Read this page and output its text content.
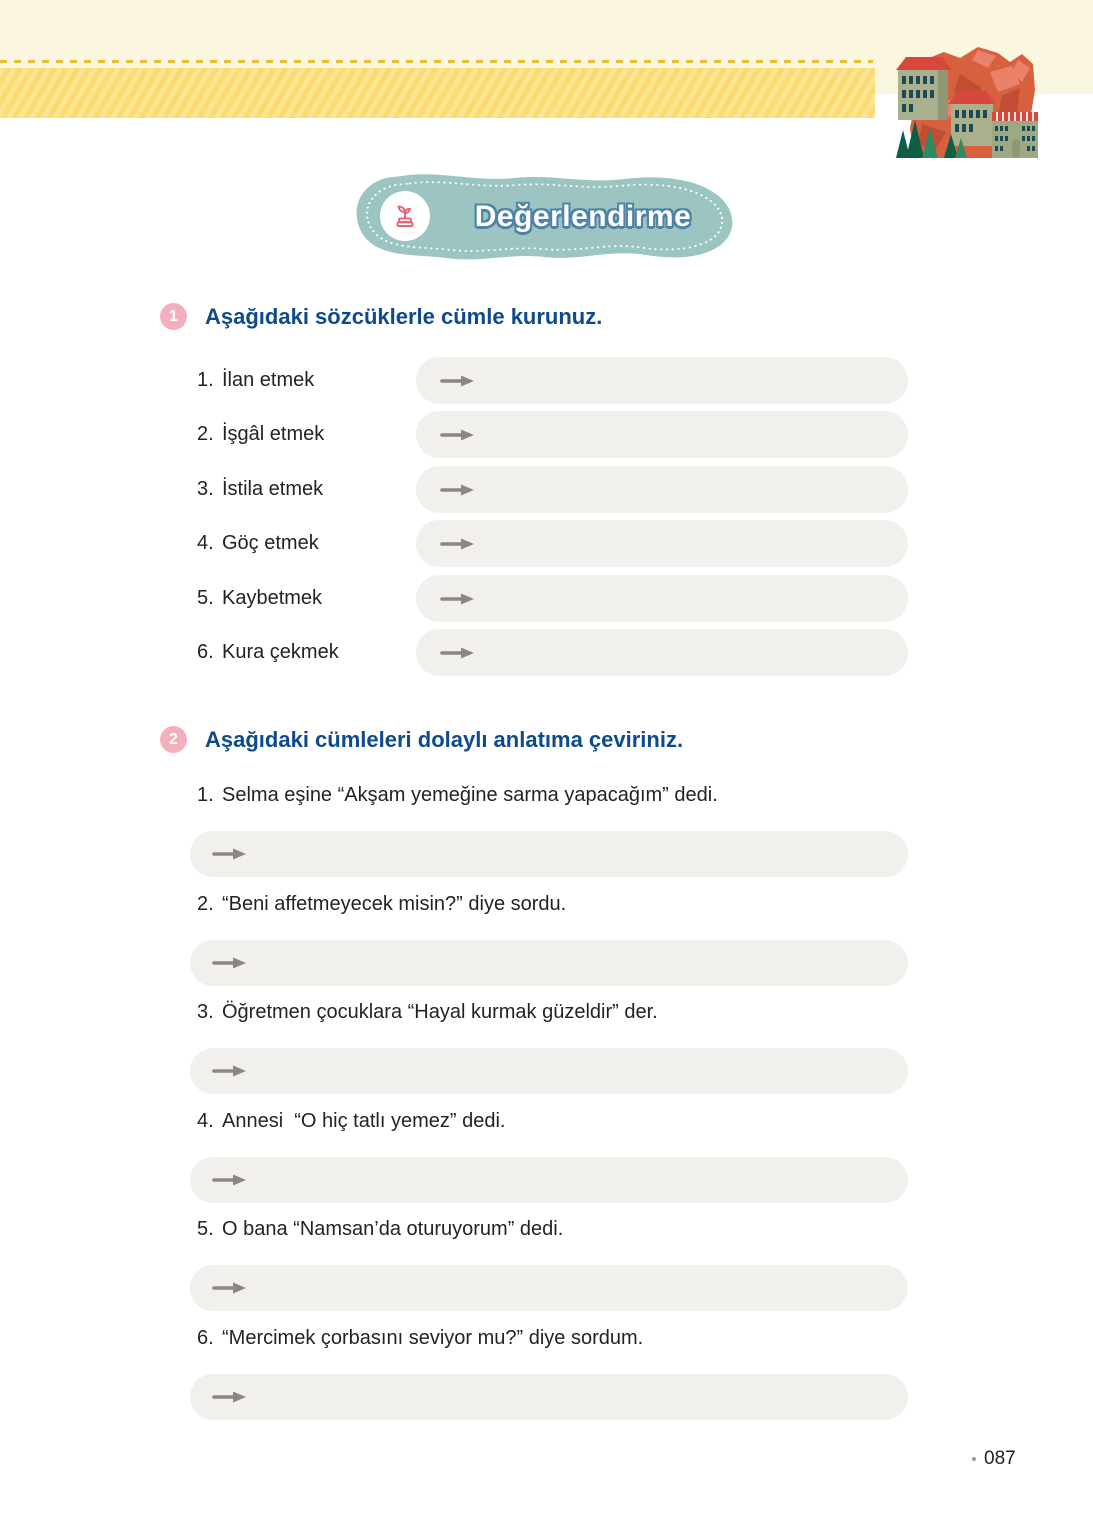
Değerlendirme
1	Aşağıdaki sözcüklerle cümle kurunuz.
1. İlan etmek
2. İşgâl etmek
3. İstila etmek
4. Göç etmek
5. Kaybetmek
6. Kura çekmek
2	Aşağıdaki cümleleri dolaylı anlatıma çeviriniz.
1. Selma eşine “Akşam yemeğine sarma yapacağım” dedi.
2. “Beni affetmeyecek misin?” diye sordu.
3. Öğretmen çocuklara “Hayal kurmak güzeldir” der.
4. Annesi  “O hiç tatlı yemez” dedi.
5. O bana “Namsan’da oturuyorum” dedi.
6. “Mercimek çorbasını seviyor mu?” diye sordum.
087
